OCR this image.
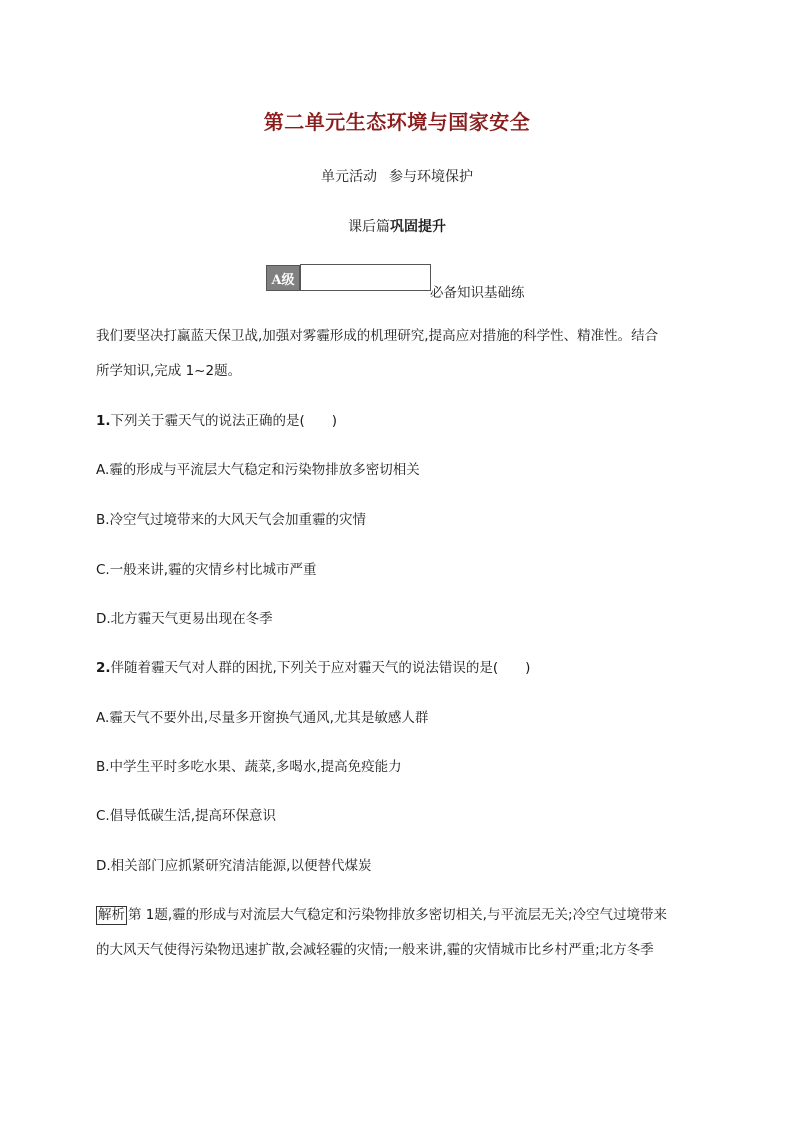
第二单元生态环境与国家安全
单元活动 参与环境保护
课后篇巩固提升
A级
必备知识基础练
我们要坚决打赢蓝天保卫战,加强对雾霾形成的机理研究,提高应对措施的科学性、精准性。结合
所学知识,完成 1~2题。
1.下列关于霾天气的说法正确的是(　　)
A.霾的形成与平流层大气稳定和污染物排放多密切相关
B.冷空气过境带来的大风天气会加重霾的灾情
C.一般来讲,霾的灾情乡村比城市严重
D.北方霾天气更易出现在冬季
2.伴随着霾天气对人群的困扰,下列关于应对霾天气的说法错误的是(　　)
A.霾天气不要外出,尽量多开窗换气通风,尤其是敏感人群
B.中学生平时多吃水果、蔬菜,多喝水,提高免疫能力
C.倡导低碳生活,提高环保意识
D.相关部门应抓紧研究清洁能源,以便替代煤炭
解析 第 1题,霾的形成与对流层大气稳定和污染物排放多密切相关,与平流层无关;冷空气过境带来
的大风天气使得污染物迅速扩散,会减轻霾的灾情;一般来讲,霾的灾情城市比乡村严重;北方冬季
